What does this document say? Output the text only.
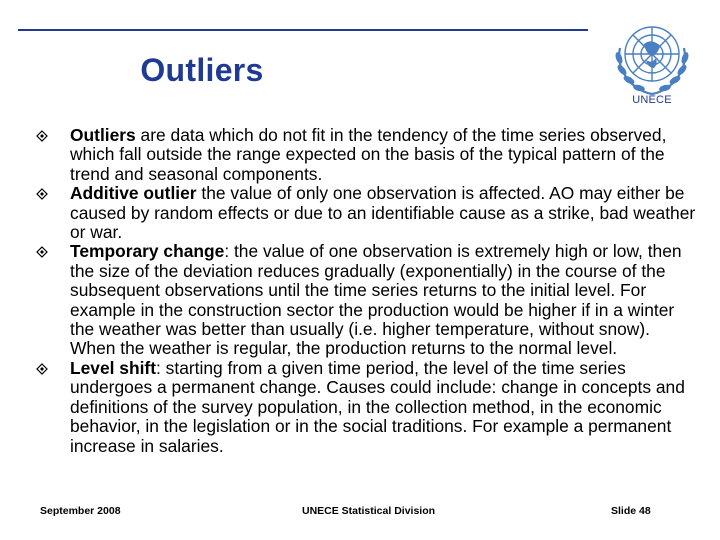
Outliers
UNECE
Outliers are data which do not fit in the tendency of the time series observed, which fall outside the range expected on the basis of the typical pattern of the trend and seasonal components.
Additive outlier the value of only one observation is affected. AO may either be caused by random effects or due to an identifiable cause as a strike, bad weather or war.
Temporary change: the value of one observation is extremely high or low, then the size of the deviation reduces gradually (exponentially) in the course of the subsequent observations until the time series returns to the initial level. For example in the construction sector the production would be higher if in a winter the weather was better than usually (i.e. higher temperature, without snow). When the weather is regular, the production returns to the normal level.
Level shift: starting from a given time period, the level of the time series undergoes a permanent change. Causes could include: change in concepts and definitions of the survey population, in the collection method, in the economic behavior, in the legislation or in the social traditions. For example a permanent increase in salaries.
September 2008	UNECE Statistical Division	Slide 48
